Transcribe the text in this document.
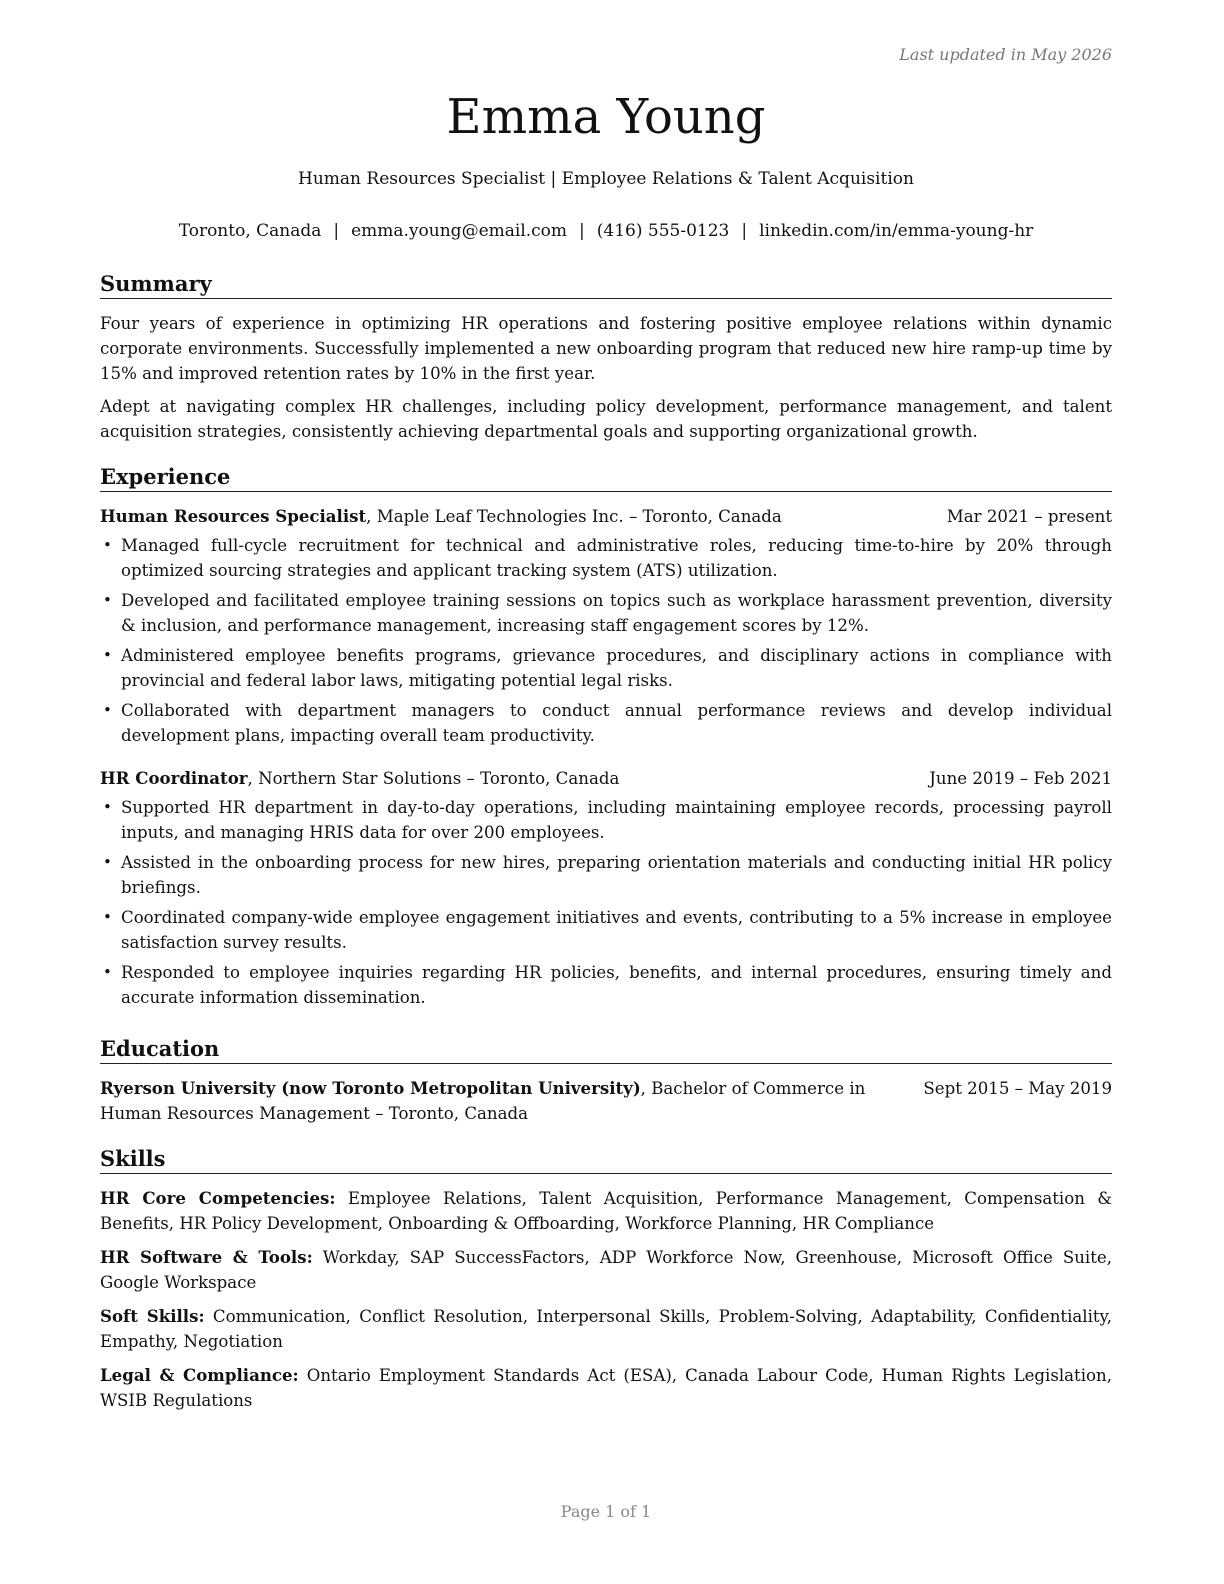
Last updated in May 2026
Emma Young
Human Resources Specialist | Employee Relations & Talent Acquisition
Toronto, Canada | emma.young@email.com | (416) 555-0123 | linkedin.com/in/emma-young-hr
Summary

Four years of experience in optimizing HR operations and fostering positive employee relations within dynamic corporate environments. Successfully implemented a new onboarding program that reduced new hire ramp-up time by 15% and improved retention rates by 10% in the first year.

Adept at navigating complex HR challenges, including policy development, performance management, and talent acquisition strategies, consistently achieving departmental goals and supporting organizational growth.

Experience
Human Resources Specialist, Maple Leaf Technologies Inc. – Toronto, Canada	Mar 2021 – present
• Managed full-cycle recruitment for technical and administrative roles, reducing time-to-hire by 20% through optimized sourcing strategies and applicant tracking system (ATS) utilization.
• Developed and facilitated employee training sessions on topics such as workplace harassment prevention, diversity & inclusion, and performance management, increasing staff engagement scores by 12%.
• Administered employee benefits programs, grievance procedures, and disciplinary actions in compliance with provincial and federal labor laws, mitigating potential legal risks.
• Collaborated with department managers to conduct annual performance reviews and develop individual development plans, impacting overall team productivity.
HR Coordinator, Northern Star Solutions – Toronto, Canada	June 2019 – Feb 2021
• Supported HR department in day-to-day operations, including maintaining employee records, processing payroll inputs, and managing HRIS data for over 200 employees.
• Assisted in the onboarding process for new hires, preparing orientation materials and conducting initial HR policy briefings.
• Coordinated company-wide employee engagement initiatives and events, contributing to a 5% increase in employee satisfaction survey results.
• Responded to employee inquiries regarding HR policies, benefits, and internal procedures, ensuring timely and accurate information dissemination.
Education
Ryerson University (now Toronto Metropolitan University), Bachelor of Commerce in Human Resources Management – Toronto, Canada
Sept 2015 – May 2019
Skills
HR Core Competencies: Employee Relations, Talent Acquisition, Performance Management, Compensation & Benefits, HR Policy Development, Onboarding & Offboarding, Workforce Planning, HR Compliance
HR Software & Tools: Workday, SAP SuccessFactors, ADP Workforce Now, Greenhouse, Microsoft Office Suite, Google Workspace
Soft Skills: Communication, Conflict Resolution, Interpersonal Skills, Problem-Solving, Adaptability, Confidentiality, Empathy, Negotiation
Legal & Compliance: Ontario Employment Standards Act (ESA), Canada Labour Code, Human Rights Legislation, WSIB Regulations
Page 1 of 1
